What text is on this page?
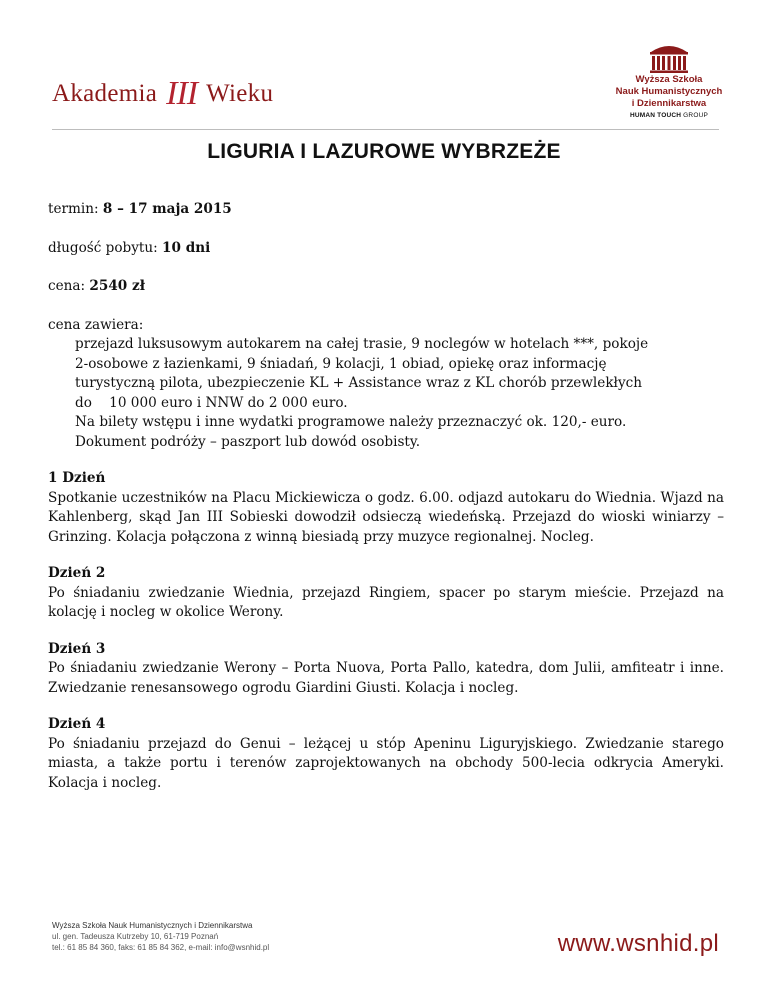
Akademia III Wieku
Wyższa Szkoła
Nauk Humanistycznych
i Dziennikarstwa
HUMAN TOUCH GROUP
LIGURIA I LAZUROWE WYBRZEŻE

termin: 8 – 17 maja 2015

długość pobytu: 10 dni

cena: 2540 zł

cena zawiera:

przejazd luksusowym autokarem na całej trasie, 9 noclegów w hotelach ***, pokoje

2-osobowe z łazienkami, 9 śniadań, 9 kolacji, 1 obiad, opiekę oraz informację

turystyczną pilota, ubezpieczenie KL + Assistance wraz z KL chorób przewlekłych

do    10 000 euro i NNW do 2 000 euro.

Na bilety wstępu i inne wydatki programowe należy przeznaczyć ok. 120,- euro.

Dokument podróży – paszport lub dowód osobisty.

1 Dzień

Spotkanie uczestników na Placu Mickiewicza o godz. 6.00. odjazd autokaru do Wiednia. Wjazd na Kahlenberg, skąd Jan III Sobieski dowodził odsieczą wiedeńską. Przejazd do wioski winiarzy – Grinzing. Kolacja połączona z winną biesiadą przy muzyce regionalnej. Nocleg.

Dzień 2

Po śniadaniu zwiedzanie Wiednia, przejazd Ringiem, spacer po starym mieście. Przejazd na kolację i nocleg w okolice Werony.

Dzień 3

Po śniadaniu zwiedzanie Werony – Porta Nuova, Porta Pallo, katedra, dom Julii, amfiteatr i inne. Zwiedzanie renesansowego ogrodu Giardini Giusti. Kolacja i nocleg.

Dzień 4

Po śniadaniu przejazd do Genui – leżącej u stóp Apeninu Liguryjskiego. Zwiedzanie starego miasta, a także portu i terenów zaprojektowanych na obchody 500-lecia odkrycia Ameryki. Kolacja i nocleg.

Wyższa Szkoła Nauk Humanistycznych i Dziennikarstwa
ul. gen. Tadeusza Kutrzeby 10, 61-719 Poznań
tel.: 61 85 84 360, faks: 61 85 84 362, e-mail: info@wsnhid.pl	www.wsnhid.pl
